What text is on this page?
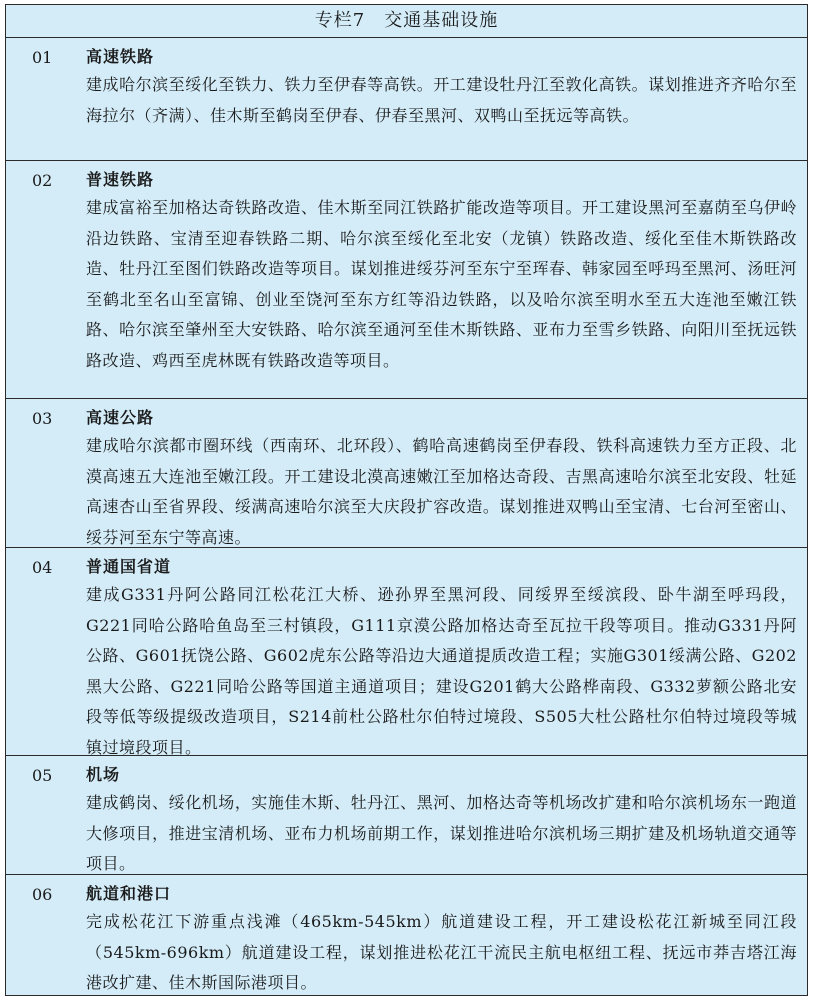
专栏7　交通基础设施
01 高速铁路
建成哈尔滨至绥化至铁力、铁力至伊春等高铁。开工建设牡丹江至敦化高铁。谋划推进齐齐哈尔至海拉尔（齐满）、佳木斯至鹤岗至伊春、伊春至黑河、双鸭山至抚远等高铁。
02 普速铁路
建成富裕至加格达奇铁路改造、佳木斯至同江铁路扩能改造等项目。开工建设黑河至嘉荫至乌伊岭沿边铁路、宝清至迎春铁路二期、哈尔滨至绥化至北安（龙镇）铁路改造、绥化至佳木斯铁路改造、牡丹江至图们铁路改造等项目。谋划推进绥芬河至东宁至珲春、韩家园至呼玛至黑河、汤旺河至鹤北至名山至富锦、创业至饶河至东方红等沿边铁路，以及哈尔滨至明水至五大连池至嫩江铁路、哈尔滨至肇州至大安铁路、哈尔滨至通河至佳木斯铁路、亚布力至雪乡铁路、向阳川至抚远铁路改造、鸡西至虎林既有铁路改造等项目。
03 高速公路
建成哈尔滨都市圈环线（西南环、北环段）、鹤哈高速鹤岗至伊春段、铁科高速铁力至方正段、北漠高速五大连池至嫩江段。开工建设北漠高速嫩江至加格达奇段、吉黑高速哈尔滨至北安段、牡延高速杏山至省界段、绥满高速哈尔滨至大庆段扩容改造。谋划推进双鸭山至宝清、七台河至密山、绥芬河至东宁等高速。
04 普通国省道
建成G331丹阿公路同江松花江大桥、逊孙界至黑河段、同绥界至绥滨段、卧牛湖至呼玛段，G221同哈公路哈鱼岛至三村镇段，G111京漠公路加格达奇至瓦拉干段等项目。推动G331丹阿公路、G601抚饶公路、G602虎东公路等沿边大通道提质改造工程；实施G301绥满公路、G202黑大公路、G221同哈公路等国道主通道项目；建设G201鹤大公路桦南段、G332萝额公路北安段等低等级提级改造项目，S214前杜公路杜尔伯特过境段、S505大杜公路杜尔伯特过境段等城镇过境段项目。
05 机场
建成鹤岗、绥化机场，实施佳木斯、牡丹江、黑河、加格达奇等机场改扩建和哈尔滨机场东一跑道大修项目，推进宝清机场、亚布力机场前期工作，谋划推进哈尔滨机场三期扩建及机场轨道交通等项目。
06 航道和港口
完成松花江下游重点浅滩（465km-545km）航道建设工程，开工建设松花江新城至同江段（545km-696km）航道建设工程，谋划推进松花江干流民主航电枢纽工程、抚远市莽吉塔江海港改扩建、佳木斯国际港项目。
